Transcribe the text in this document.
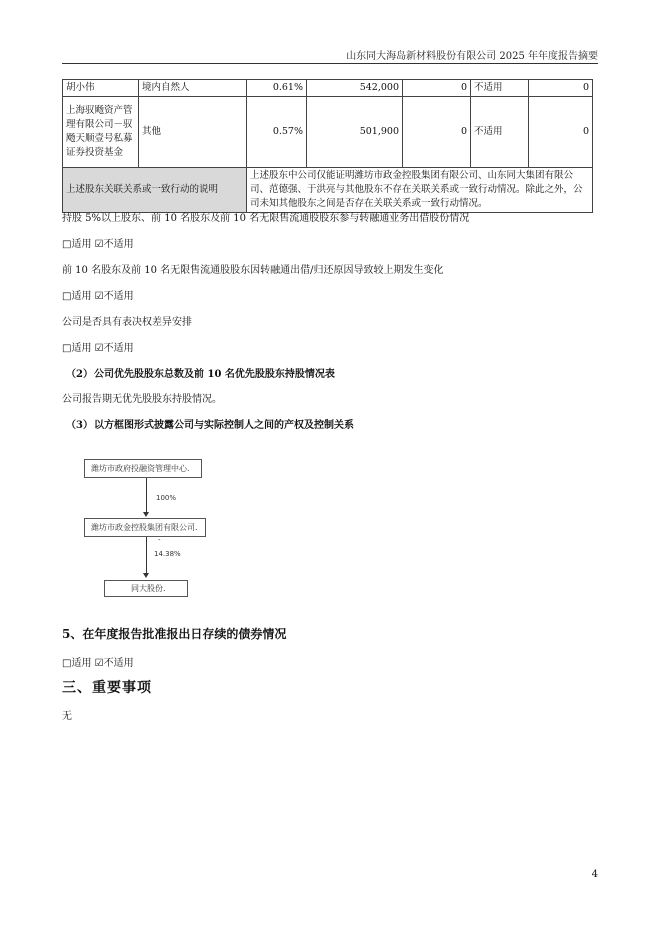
山东同大海岛新材料股份有限公司 2025 年年度报告摘要
胡小伟	境内自然人	0.61%	542,000	0	不适用	0
上海驭飏资产管理有限公司－驭飏天顺壹号私募证券投资基金	其他	0.57%	501,900	0	不适用	0
上述股东关联关系或一致行动的说明		上述股东中公司仅能证明潍坊市政金控股集团有限公司、山东同大集团有限公司、范德强、于洪亮与其他股东不存在关联关系或一致行动情况。除此之外，公司未知其他股东之间是否存在关联关系或一致行动情况。				
持股 5%以上股东、前 10 名股东及前 10 名无限售流通股股东参与转融通业务出借股份情况
□适用 ☑不适用
前 10 名股东及前 10 名无限售流通股股东因转融通出借/归还原因导致较上期发生变化
□适用 ☑不适用
公司是否具有表决权差异安排
□适用 ☑不适用
（2）公司优先股股东总数及前 10 名优先股股东持股情况表
公司报告期无优先股股东持股情况。
（3）以方框图形式披露公司与实际控制人之间的产权及控制关系
潍坊市政府投融资管理中心.
100%
潍坊市政金控股集团有限公司.
-
14.38%
同大股份.
5、在年度报告批准报出日存续的债券情况
□适用 ☑不适用
三、重要事项
无
4
